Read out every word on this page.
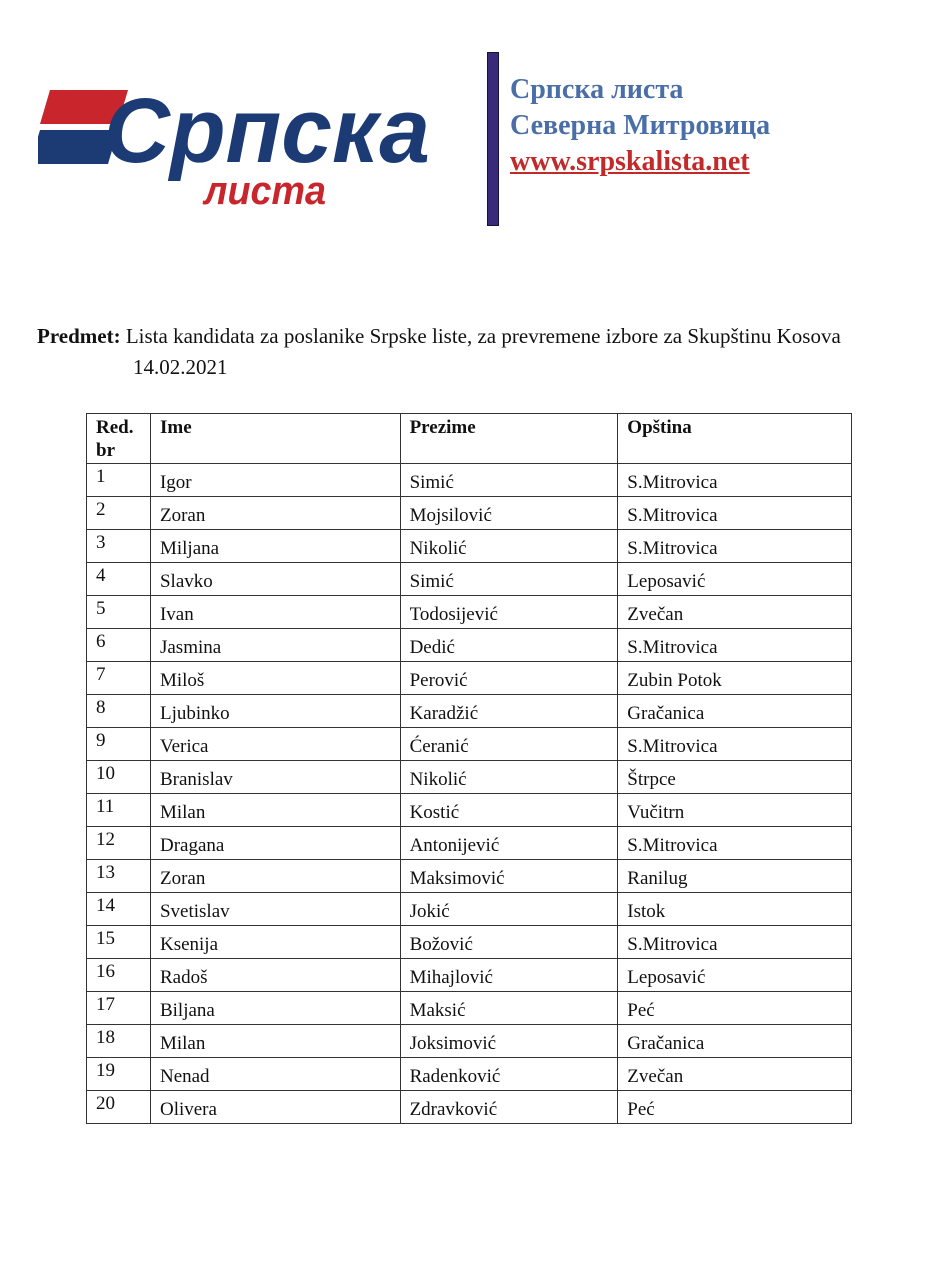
Српска
листа
Српска листа
Северна Митровица
www.srpskalista.net
Predmet: Lista kandidata za poslanike Srpske liste, za prevremene izbore za Skupštinu Kosova
14.02.2021
Red. br	Ime	Prezime	Opština
1	Igor	Simić	S.Mitrovica
2	Zoran	Mojsilović	S.Mitrovica
3	Miljana	Nikolić	S.Mitrovica
4	Slavko	Simić	Leposavić
5	Ivan	Todosijević	Zvečan
6	Jasmina	Dedić	S.Mitrovica
7	Miloš	Perović	Zubin Potok
8	Ljubinko	Karadžić	Gračanica
9	Verica	Ćeranić	S.Mitrovica
10	Branislav	Nikolić	Štrpce
11	Milan	Kostić	Vučitrn
12	Dragana	Antonijević	S.Mitrovica
13	Zoran	Maksimović	Ranilug
14	Svetislav	Jokić	Istok
15	Ksenija	Božović	S.Mitrovica
16	Radoš	Mihajlović	Leposavić
17	Biljana	Maksić	Peć
18	Milan	Joksimović	Gračanica
19	Nenad	Radenković	Zvečan
20	Olivera	Zdravković	Peć
